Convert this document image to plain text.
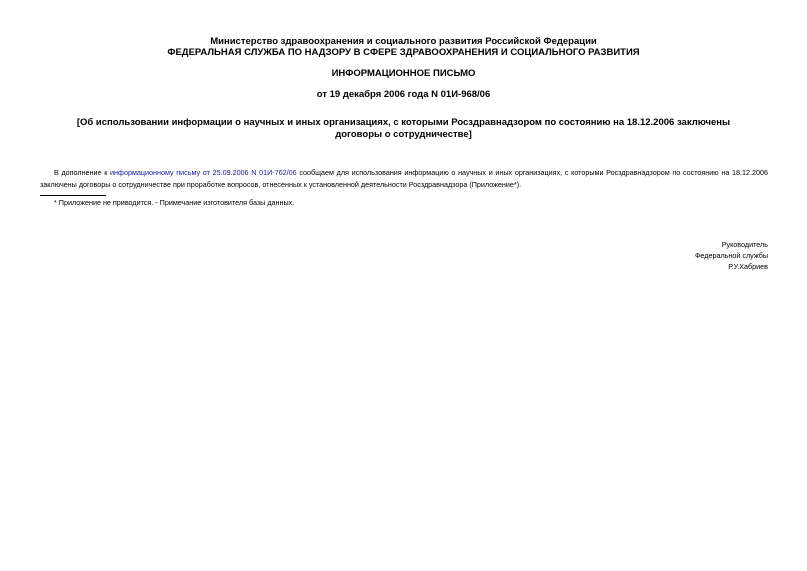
Министерство здравоохранения и социального развития Российской Федерации
ФЕДЕРАЛЬНАЯ СЛУЖБА ПО НАДЗОРУ В СФЕРЕ ЗДРАВООХРАНЕНИЯ И СОЦИАЛЬНОГО РАЗВИТИЯ
ИНФОРМАЦИОННОЕ ПИСЬМО
от 19 декабря 2006 года N 01И-968/06
[Об использовании информации о научных и иных организациях, с которыми Росздравнадзором по состоянию на 18.12.2006 заключены договоры о сотрудничестве]
В дополнение к информационному письму от 25.09.2006 N 01И-762/06 сообщаем для использования информацию о научных и иных организациях, с которыми Росздравнадзором по состоянию на 18.12.2006 заключены договоры о сотрудничестве при проработке вопросов, отнесенных к установленной деятельности Росздравнадзора (Приложение*).
* Приложение не приводится. - Примечание изготовителя базы данных.
Руководитель
Федеральной службы
Р.У.Хабриев
